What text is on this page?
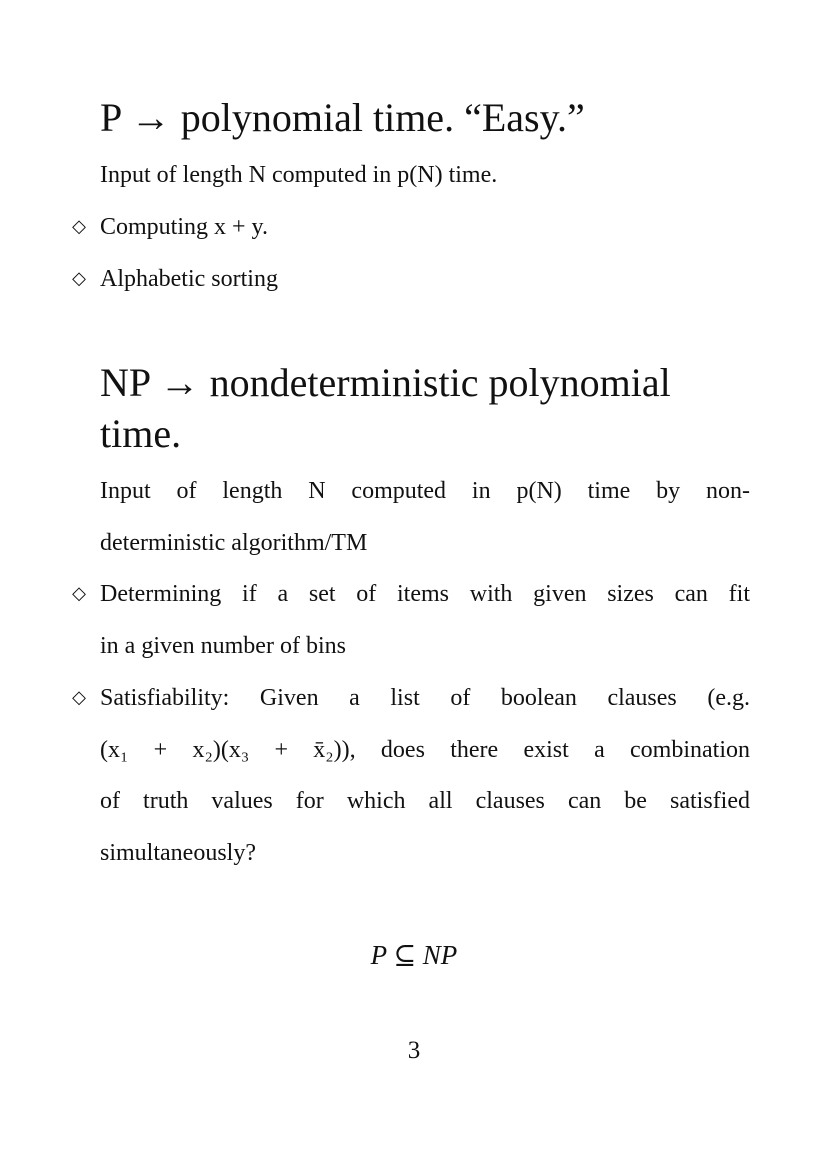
P → polynomial time. “Easy.”
Input of length N computed in p(N) time.
◇ Computing x + y.
◇ Alphabetic sorting
NP → nondeterministic polynomial
time.
Input of length N computed in p(N) time by non-
deterministic algorithm/TM
◇ Determining if a set of items with given sizes can fit
in a given number of bins
◇ Satisfiability: Given a list of boolean clauses (e.g.
(x₁ + x₂)(x₃ + x̄₂)), does there exist a combination
of truth values for which all clauses can be satisfied
simultaneously?
P ⊆ NP
3
